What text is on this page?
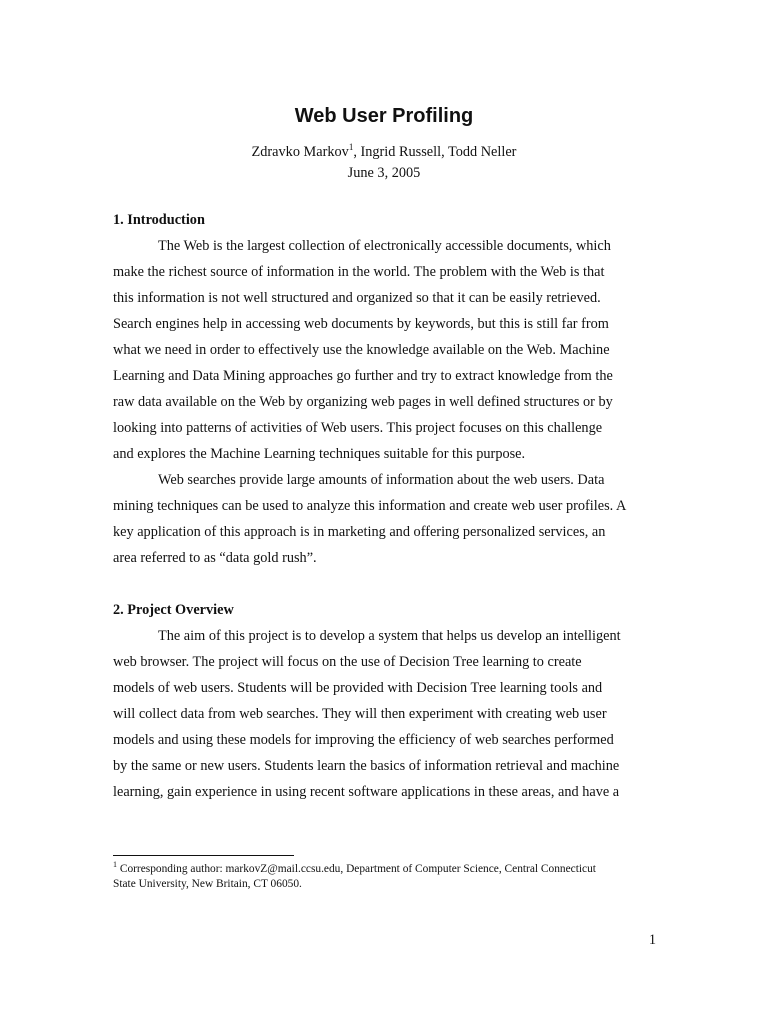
Web User Profiling
Zdravko Markov$^1$, Ingrid Russell, Todd Neller
June 3, 2005

1. Introduction

The Web is the largest collection of electronically accessible documents, which

make the richest source of information in the world. The problem with the Web is that

this information is not well structured and organized so that it can be easily retrieved.

Search engines help in accessing web documents by keywords, but this is still far from

what we need in order to effectively use the knowledge available on the Web. Machine

Learning and Data Mining approaches go further and try to extract knowledge from the

raw data available on the Web by organizing web pages in well defined structures or by

looking into patterns of activities of Web users. This project focuses on this challenge

and explores the Machine Learning techniques suitable for this purpose.

Web searches provide large amounts of information about the web users. Data

mining techniques can be used to analyze this information and create web user profiles. A

key application of this approach is in marketing and offering personalized services, an

area referred to as “data gold rush”.

2. Project Overview

The aim of this project is to develop a system that helps us develop an intelligent

web browser. The project will focus on the use of Decision Tree learning to create

models of web users. Students will be provided with Decision Tree learning tools and

will collect data from web searches. They will then experiment with creating web user

models and using these models for improving the efficiency of web searches performed

by the same or new users. Students learn the basics of information retrieval and machine

learning, gain experience in using recent software applications in these areas, and have a

$^1$ Corresponding author: markovZ@mail.ccsu.edu, Department of Computer Science, Central Connecticut

State University, New Britain, CT 06050.

1
